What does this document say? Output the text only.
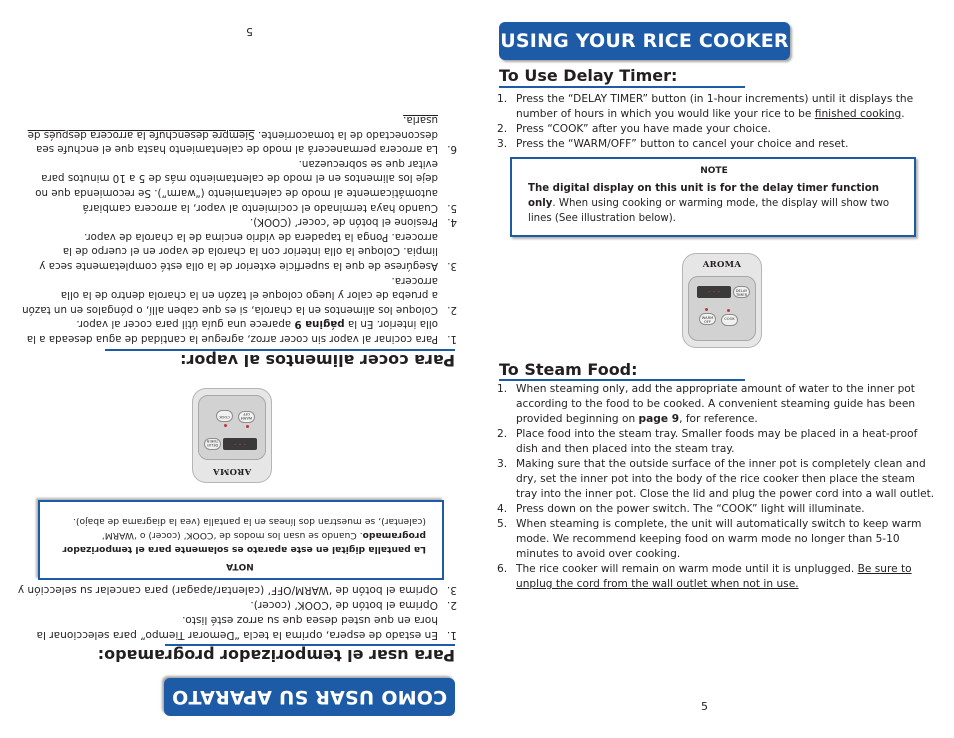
COMO USAR SU APARATO
Para usar el temporizador programado:
1.
En estado de espera, oprima la tecla “Demorar Tiempo” para seleccionar la hora en que usted desea que su arroz esté listo.
2.
Oprima el botón de ‘COOK’ (cocer).
3.
Oprima el botón de ‘WARM/OFF’ (calentar/apagar) para cancelar su selección y
NOTA
La pantalla digital en este aparato es solamente para el temporizador programado. Cuando se usan los modos de ‘COOK’ (cocer) o ‘WARM’ (calentar), se muestran dos líneas en la pantalla (vea la diagrama de abajo).
AROMA
- - -
DELAY TIMER
WARM OFF
COOK
Para cocer alimentos al vapor:
1.
Para cocinar al vapor sin cocer arroz, agregue la cantidad de agua deseada a la olla interior. En la página 9 aparece una guía útil para cocer al vapor.
2.
Coloque los alimentos en la charola, si es que caben allí, o póngalos en un tazón a prueba de calor y luego coloque el tazón en la charola dentro de la olla arrocera.
3.
Asegúrese de que la superficie exterior de la olla esté completamente seca y limpia. Coloque la olla interior con la charola de vapor en el cuerpo de la arrocera. Ponga la tapadera de vidrio encima de la charola de vapor.
4.
Presione el botón de ‘cocer’ (COOK).
5.
Cuando haya terminado el cocimiento al vapor, la arrocera cambiará automáticamente al modo de calentamiento (“warm”). Se recomienda que no deje los alimentos en el modo de calentamiento más de 5 a 10 minutos para evitar que se sobrecuezan.
6.
La arrocera permanecerá al modo de calentamiento hasta que el enchufe sea desconectado de la tomacorriente. Siempre desenchufe la arrocera después de usarla.
5	USING YOUR RICE COOKER
To Use Delay Timer:
1. Press the “DELAY TIMER” button (in 1-hour increments) until it displays the number of hours in which you would like your rice to be finished cooking.
2. Press “COOK” after you have made your choice.
3. Press the “WARM/OFF” button to cancel your choice and reset.
NOTE
The digital display on this unit is for the delay timer function only. When using cooking or warming mode, the display will show two lines (See illustration below).
AROMA
- - -	DELAY TIMER
WARM OFF
COOK
To Steam Food:
1. When steaming only, add the appropriate amount of water to the inner pot according to the food to be cooked. A convenient steaming guide has been provided beginning on page 9, for reference.
2. Place food into the steam tray. Smaller foods may be placed in a heat-proof dish and then placed into the steam tray.
3. Making sure that the outside surface of the inner pot is completely clean and dry, set the inner pot into the body of the rice cooker then place the steam tray into the inner pot. Close the lid and plug the power cord into a wall outlet.
4. Press down on the power switch. The “COOK” light will illuminate.
5. When steaming is complete, the unit will automatically switch to keep warm mode. We recommend keeping food on warm mode no longer than 5-10 minutes to avoid over cooking.
6. The rice cooker will remain on warm mode until it is unplugged. Be sure to unplug the cord from the wall outlet when not in use.
5
